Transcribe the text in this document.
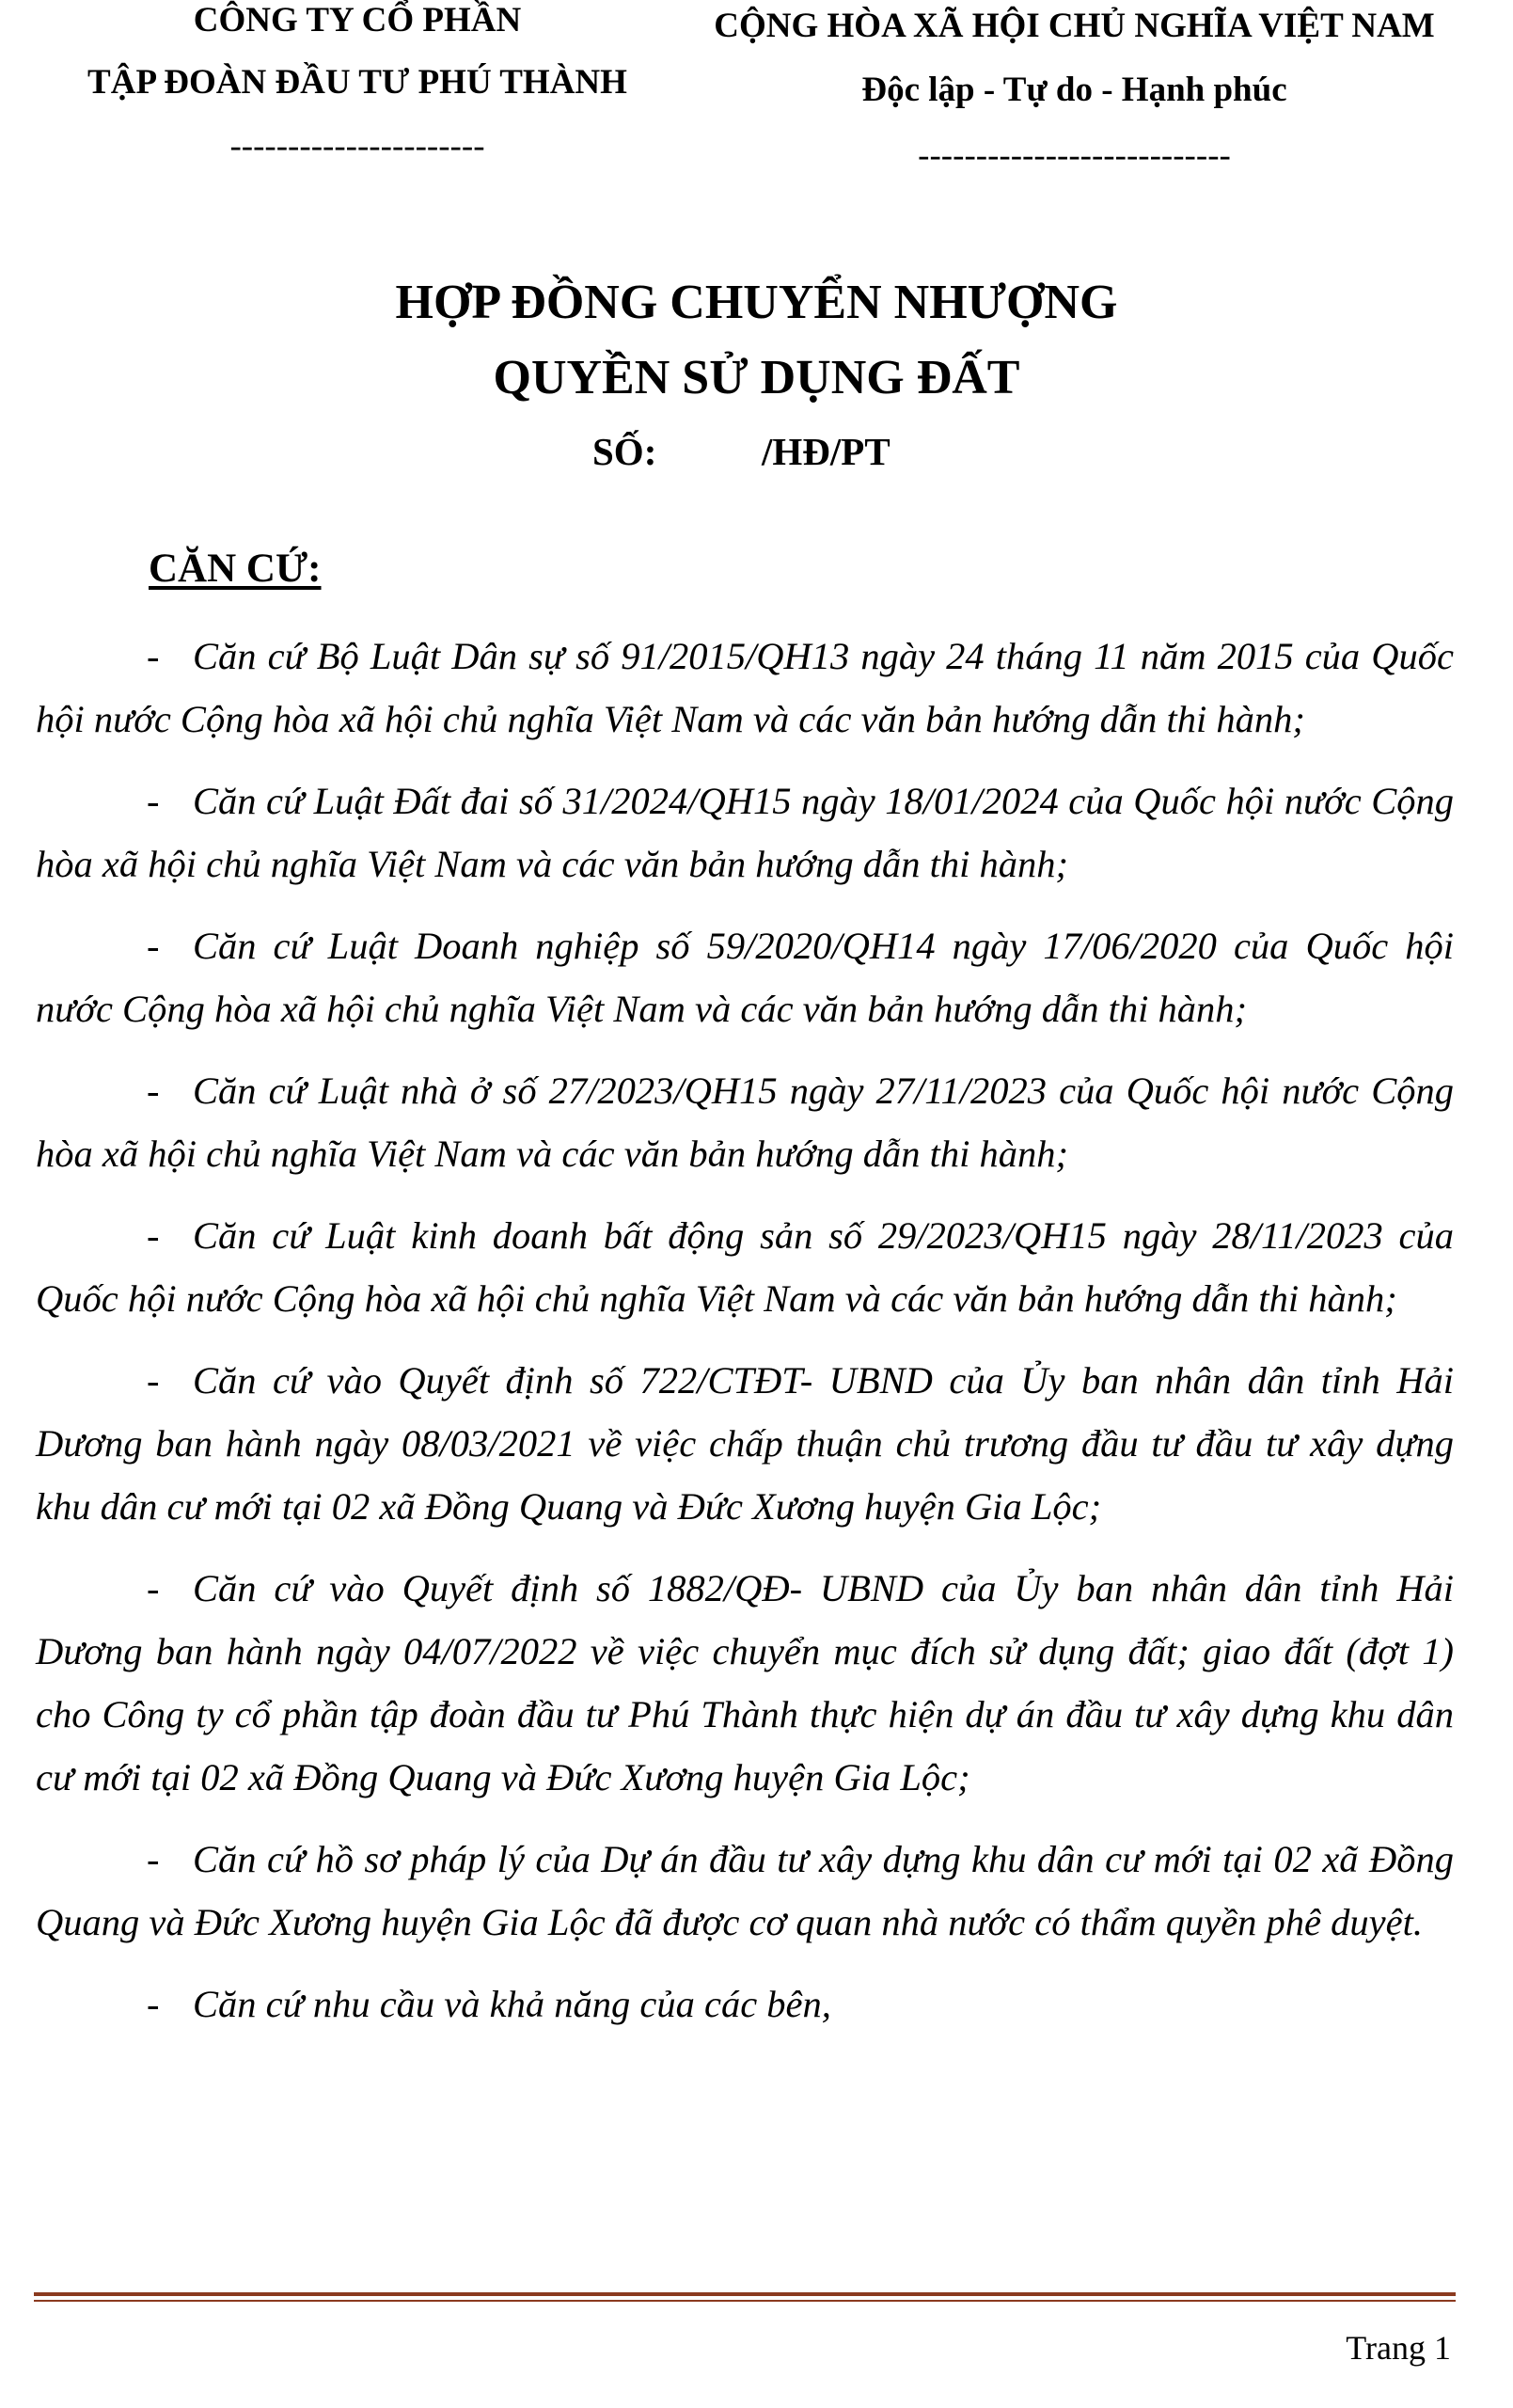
CÔNG TY CỔ PHẦN
TẬP ĐOÀN ĐẦU TƯ PHÚ THÀNH
----------------------
CỘNG HÒA XÃ HỘI CHỦ NGHĨA VIỆT NAM
Độc lập - Tự do - Hạnh phúc
---------------------------
HỢP ĐỒNG CHUYỂN NHƯỢNG
QUYỀN SỬ DỤNG ĐẤT
SỐ:	/HĐ/PT
CĂN CỨ:

- Căn cứ Bộ Luật Dân sự số 91/2015/QH13 ngày 24 tháng 11 năm 2015 của Quốc hội nước Cộng hòa xã hội chủ nghĩa Việt Nam và các văn bản hướng dẫn thi hành;

- Căn cứ Luật Đất đai số 31/2024/QH15 ngày 18/01/2024 của Quốc hội nước Cộng hòa xã hội chủ nghĩa Việt Nam và các văn bản hướng dẫn thi hành;

- Căn cứ Luật Doanh nghiệp số 59/2020/QH14 ngày 17/06/2020 của Quốc hội nước Cộng hòa xã hội chủ nghĩa Việt Nam và các văn bản hướng dẫn thi hành;

- Căn cứ Luật nhà ở số 27/2023/QH15 ngày 27/11/2023 của Quốc hội nước Cộng hòa xã hội chủ nghĩa Việt Nam và các văn bản hướng dẫn thi hành;

- Căn cứ Luật kinh doanh bất động sản số 29/2023/QH15 ngày 28/11/2023 của Quốc hội nước Cộng hòa xã hội chủ nghĩa Việt Nam và các văn bản hướng dẫn thi hành;

- Căn cứ vào Quyết định số 722/CTĐT- UBND của Ủy ban nhân dân tỉnh Hải Dương ban hành ngày 08/03/2021 về việc chấp thuận chủ trương đầu tư đầu tư xây dựng khu dân cư mới tại 02 xã Đồng Quang và Đức Xương huyện Gia Lộc;

- Căn cứ vào Quyết định số 1882/QĐ- UBND của Ủy ban nhân dân tỉnh Hải Dương ban hành ngày 04/07/2022 về việc chuyển mục đích sử dụng đất; giao đất (đợt 1) cho Công ty cổ phần tập đoàn đầu tư Phú Thành thực hiện dự án đầu tư xây dựng khu dân cư mới tại 02 xã Đồng Quang và Đức Xương huyện Gia Lộc;

- Căn cứ hồ sơ pháp lý của Dự án đầu tư xây dựng khu dân cư mới tại 02 xã Đồng Quang và Đức Xương huyện Gia Lộc đã được cơ quan nhà nước có thẩm quyền phê duyệt.

- Căn cứ nhu cầu và khả năng của các bên,

Trang 1
